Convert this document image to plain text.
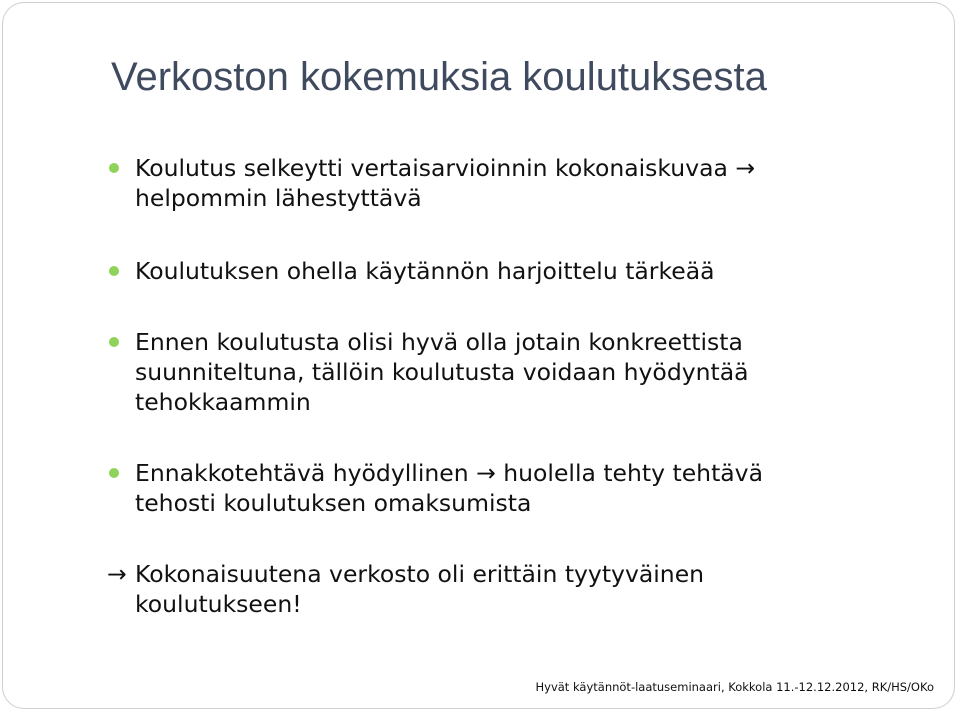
Verkoston kokemuksia koulutuksesta
Koulutus selkeytti vertaisarvioinnin kokonaiskuvaa →
helpommin lähestyttävä
Koulutuksen ohella käytännön harjoittelu tärkeää
Ennen koulutusta olisi hyvä olla jotain konkreettista
suunniteltuna, tällöin koulutusta voidaan hyödyntää
tehokkaammin
Ennakkotehtävä hyödyllinen → huolella tehty tehtävä
tehosti koulutuksen omaksumista
→ Kokonaisuutena verkosto oli erittäin tyytyväinen
koulutukseen!
Hyvät käytännöt-laatuseminaari, Kokkola 11.-12.12.2012, RK/HS/OKo
